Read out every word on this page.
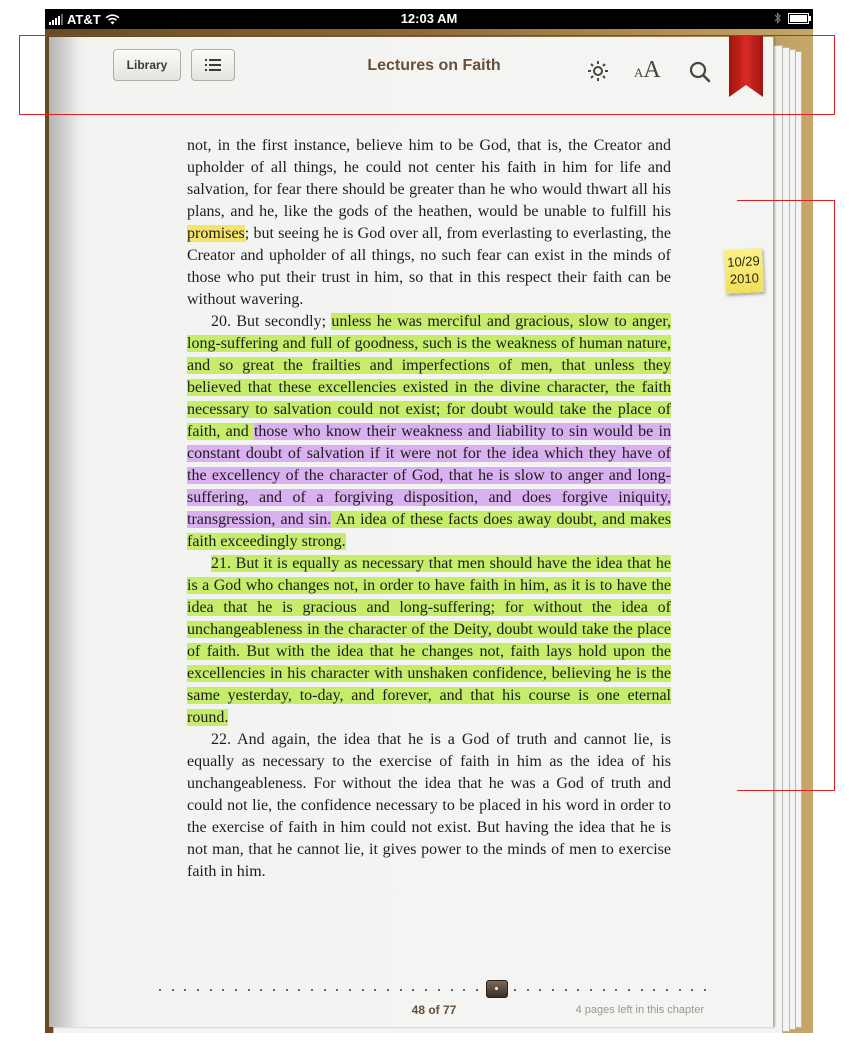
AT&T	12:03 AM
Library	Lectures on Faith	AA

not, in the first instance, believe him to be God, that is, the Creator and upholder of all things, he could not center his faith in him for life and salvation, for fear there should be greater than he who would thwart all his plans, and he, like the gods of the heathen, would be unable to fulfill his promises; but seeing he is God over all, from everlasting to everlasting, the Creator and upholder of all things, no such fear can exist in the minds of those who put their trust in him, so that in this respect their faith can be without wavering.

20. But secondly; unless he was merciful and gracious, slow to anger, long-suffering and full of goodness, such is the weakness of human nature, and so great the frailties and imperfections of men, that unless they believed that these excellencies existed in the divine character, the faith necessary to salvation could not exist; for doubt would take the place of faith, and those who know their weakness and liability to sin would be in constant doubt of salvation if it were not for the idea which they have of the excellency of the character of God, that he is slow to anger and long-suffering, and of a forgiving disposition, and does forgive iniquity, transgression, and sin. An idea of these facts does away doubt, and makes faith exceedingly strong.

21. But it is equally as necessary that men should have the idea that he is a God who changes not, in order to have faith in him, as it is to have the idea that he is gracious and long-suffering; for without the idea of unchangeableness in the character of the Deity, doubt would take the place of faith. But with the idea that he changes not, faith lays hold upon the excellencies in his character with unshaken confidence, believing he is the same yesterday, to-day, and forever, and that his course is one eternal round.

22. And again, the idea that he is a God of truth and cannot lie, is equally as necessary to the exercise of faith in him as the idea of his unchangeableness. For without the idea that he was a God of truth and could not lie, the confidence necessary to be placed in his word in order to the exercise of faith in him could not exist. But having the idea that he is not man, that he cannot lie, it gives power to the minds of men to exercise faith in him.

10/29
2010
48 of 77	4 pages left in this chapter
